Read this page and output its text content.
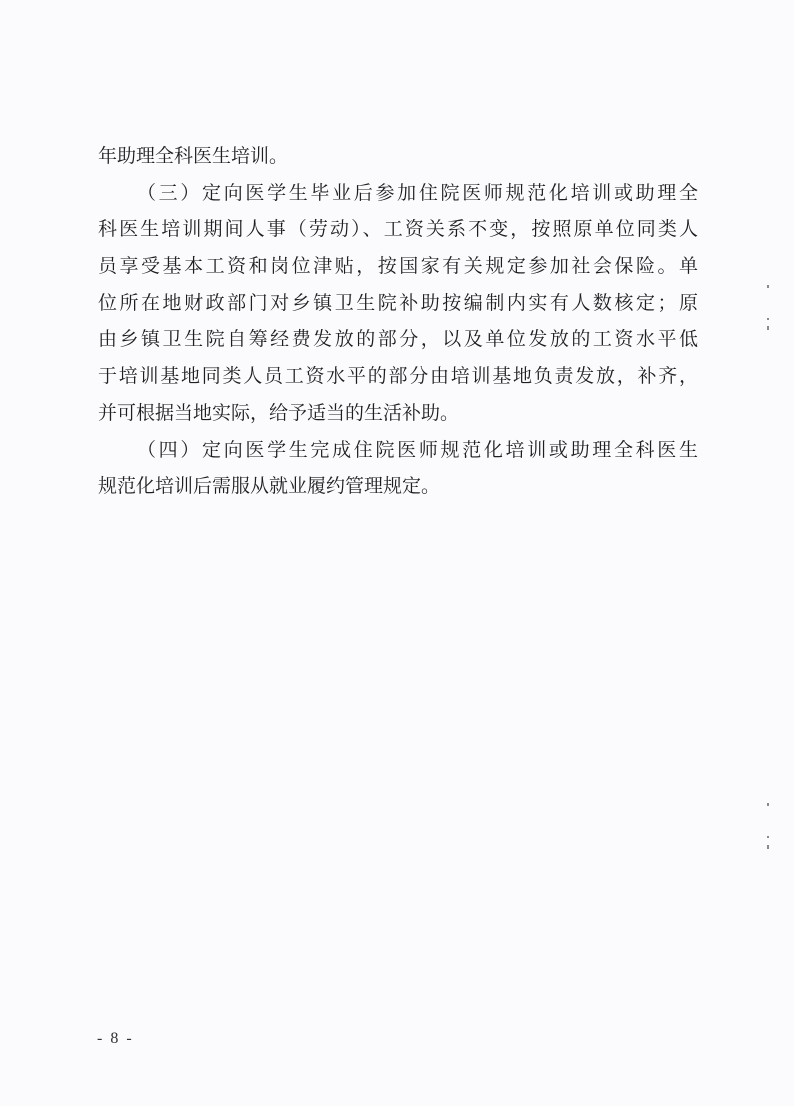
年助理全科医生培训。
（三）定向医学生毕业后参加住院医师规范化培训或助理全
科医生培训期间人事（劳动）、工资关系不变，按照原单位同类人
员享受基本工资和岗位津贴，按国家有关规定参加社会保险。单
位所在地财政部门对乡镇卫生院补助按编制内实有人数核定；原
由乡镇卫生院自筹经费发放的部分，以及单位发放的工资水平低
于培训基地同类人员工资水平的部分由培训基地负责发放，补齐，
并可根据当地实际，给予适当的生活补助。
（四）定向医学生完成住院医师规范化培训或助理全科医生
规范化培训后需服从就业履约管理规定。
- 8 -
